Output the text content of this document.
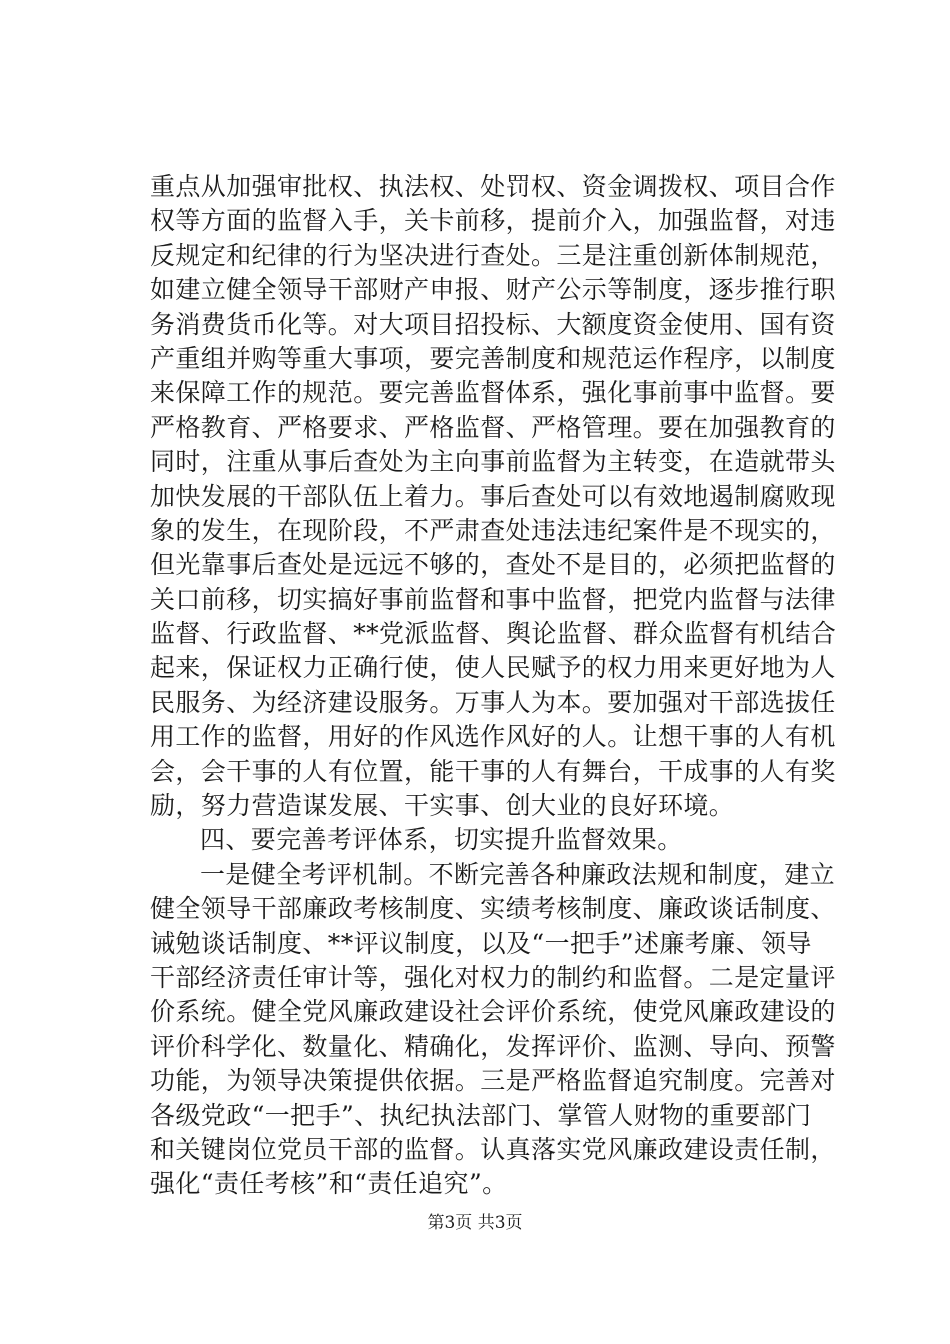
重点从加强审批权、执法权、处罚权、资金调拨权、项目合作
权等方面的监督入手，关卡前移，提前介入，加强监督，对违
反规定和纪律的行为坚决进行查处。三是注重创新体制规范，
如建立健全领导干部财产申报、财产公示等制度，逐步推行职
务消费货币化等。对大项目招投标、大额度资金使用、国有资
产重组并购等重大事项，要完善制度和规范运作程序，以制度
来保障工作的规范。要完善监督体系，强化事前事中监督。要
严格教育、严格要求、严格监督、严格管理。要在加强教育的
同时，注重从事后查处为主向事前监督为主转变，在造就带头
加快发展的干部队伍上着力。事后查处可以有效地遏制腐败现
象的发生，在现阶段，不严肃查处违法违纪案件是不现实的，
但光靠事后查处是远远不够的，查处不是目的，必须把监督的
关口前移，切实搞好事前监督和事中监督，把党内监督与法律
监督、行政监督、**党派监督、舆论监督、群众监督有机结合
起来，保证权力正确行使，使人民赋予的权力用来更好地为人
民服务、为经济建设服务。万事人为本。要加强对干部选拔任
用工作的监督，用好的作风选作风好的人。让想干事的人有机
会，会干事的人有位置，能干事的人有舞台，干成事的人有奖
励，努力营造谋发展、干实事、创大业的良好环境。
四、要完善考评体系，切实提升监督效果。
一是健全考评机制。不断完善各种廉政法规和制度，建立
健全领导干部廉政考核制度、实绩考核制度、廉政谈话制度、
诫勉谈话制度、**评议制度，以及“一把手”述廉考廉、领导
干部经济责任审计等，强化对权力的制约和监督。二是定量评
价系统。健全党风廉政建设社会评价系统，使党风廉政建设的
评价科学化、数量化、精确化，发挥评价、监测、导向、预警
功能，为领导决策提供依据。三是严格监督追究制度。完善对
各级党政“一把手”、执纪执法部门、掌管人财物的重要部门
和关键岗位党员干部的监督。认真落实党风廉政建设责任制，
强化“责任考核”和“责任追究”。
第3页 共3页
